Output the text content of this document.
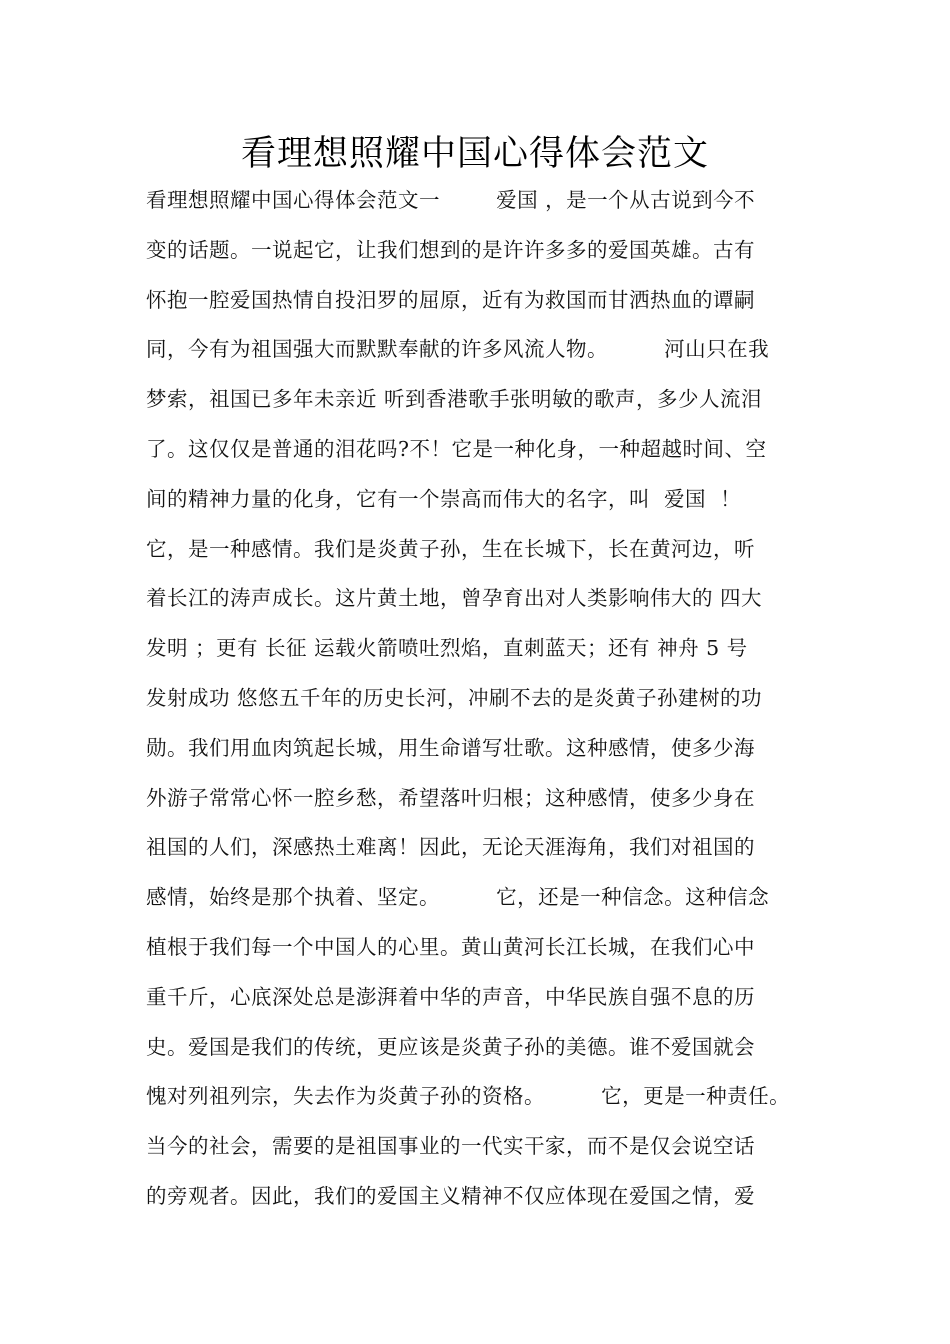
看理想照耀中国心得体会范文
看理想照耀中国心得体会范文一        爱国 ，是一个从古说到今不
变的话题。一说起它，让我们想到的是许许多多的爱国英雄。古有
怀抱一腔爱国热情自投汨罗的屈原，近有为救国而甘洒热血的谭嗣
同，今有为祖国强大而默默奉献的许多风流人物。        河山只在我
梦索，祖国已多年未亲近 听到香港歌手张明敏的歌声，多少人流泪
了。这仅仅是普通的泪花吗?不！它是一种化身，一种超越时间、空
间的精神力量的化身，它有一个崇高而伟大的名字，叫  爱国  ！
它，是一种感情。我们是炎黄子孙，生在长城下，长在黄河边，听
着长江的涛声成长。这片黄土地，曾孕育出对人类影响伟大的 四大
发明 ；更有 长征 运载火箭喷吐烈焰，直刺蓝天；还有 神舟 5 号
发射成功 悠悠五千年的历史长河，冲刷不去的是炎黄子孙建树的功
勋。我们用血肉筑起长城，用生命谱写壮歌。这种感情，使多少海
外游子常常心怀一腔乡愁，希望落叶归根；这种感情，使多少身在
祖国的人们，深感热土难离！因此，无论天涯海角，我们对祖国的
感情，始终是那个执着、坚定。        它，还是一种信念。这种信念
植根于我们每一个中国人的心里。黄山黄河长江长城，在我们心中
重千斤，心底深处总是澎湃着中华的声音，中华民族自强不息的历
史。爱国是我们的传统，更应该是炎黄子孙的美德。谁不爱国就会
愧对列祖列宗，失去作为炎黄子孙的资格。        它，更是一种责任。
当今的社会，需要的是祖国事业的一代实干家，而不是仅会说空话
的旁观者。因此，我们的爱国主义精神不仅应体现在爱国之情，爱
